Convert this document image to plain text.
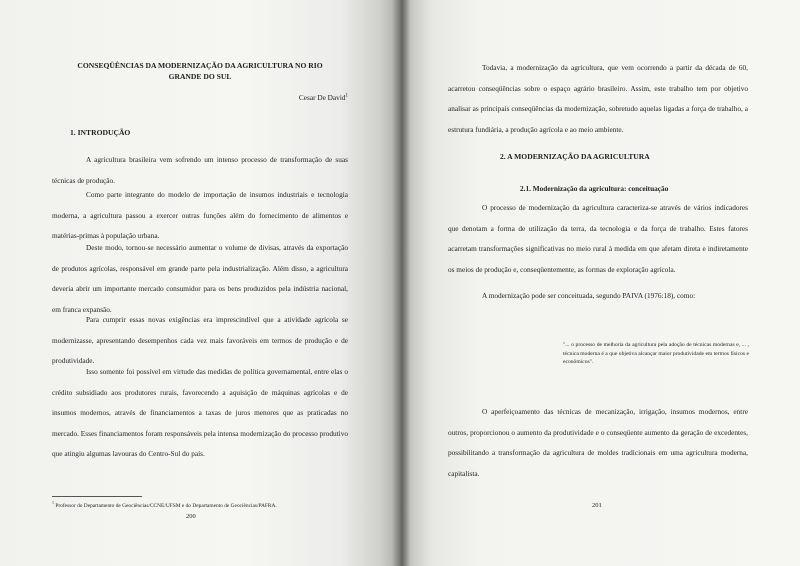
CONSEQÜÊNCIAS DA MODERNIZAÇÃO DA AGRICULTURA NO RIO GRANDE DO SUL

Cesar De David$^1$
1. INTRODUÇÃO

A agricultura brasileira vem sofrendo um intenso processo de transformação de suas técnicas de produção.

Como parte integrante do modelo de importação de insumos industriais e tecnologia moderna, a agricultura passou a exercer outras funções além do fornecimento de alimentos e matérias-primas à população urbana.

Deste modo, tornou-se necessário aumentar o volume de divisas, através da exportação de produtos agrícolas, responsável em grande parte pela industrialização. Além disso, a agricultura deveria abrir um importante mercado consumidor para os bens produzidos pela indústria nacional, em franca expansão.

Para cumprir essas novas exigências era imprescindível que a atividade agrícola se modernizasse, apresentando desempenhos cada vez mais favoráveis em termos de produção e de produtividade.

Isso somente foi possível em virtude das medidas de política governamental, entre elas o crédito subsidiado aos produtores rurais, favorecendo a aquisição de máquinas agrícolas e de insumos modernos, através de financiamentos a taxas de juros menores que as praticadas no mercado. Esses financiamentos foram responsáveis pela intensa modernização do processo produtivo que atingiu algumas lavouras do Centro-Sul do país.

$^1$ Professor do Departamento de Geociências/CCNE/UFSM e do Departamento de Geociências/PAFRA.
200

Todavia, a modernização da agricultura, que vem ocorrendo a partir da década de 60, acarretou conseqüências sobre o espaço agrário brasileiro. Assim, este trabalho tem por objetivo analisar as principais conseqüências da modernização, sobretudo aquelas ligadas a força de trabalho, a estrutura fundiária, a produção agrícola e ao meio ambiente.

2. A MODERNIZAÇÃO DA AGRICULTURA
2.1. Modernização da agricultura: conceituação

O processo de modernização da agricultura caracteriza-se através de vários indicadores que denotam a forma de utilização da terra, da tecnologia e da força de trabalho. Estes fatores acarretam transformações significativas no meio rural à medida em que afetam direta e indiretamente os meios de produção e, conseqüentemente, as formas de exploração agrícola.

A modernização pode ser conceituada, segundo PAIVA (1976:18), como:

"... o processo de melhoria da agricultura pela adoção de técnicas modernas e, ... , técnica moderna é a que objetiva alcançar maior produtividade em termos físicos e econômicos".

O aperfeiçoamento das técnicas de mecanização, irrigação, insumos modernos, entre outros, proporcionou o aumento da produtividade e o conseqüente aumento da geração de excedentes, possibilitando a transformação da agricultura de moldes tradicionais em uma agricultura moderna, capitalista.

201
